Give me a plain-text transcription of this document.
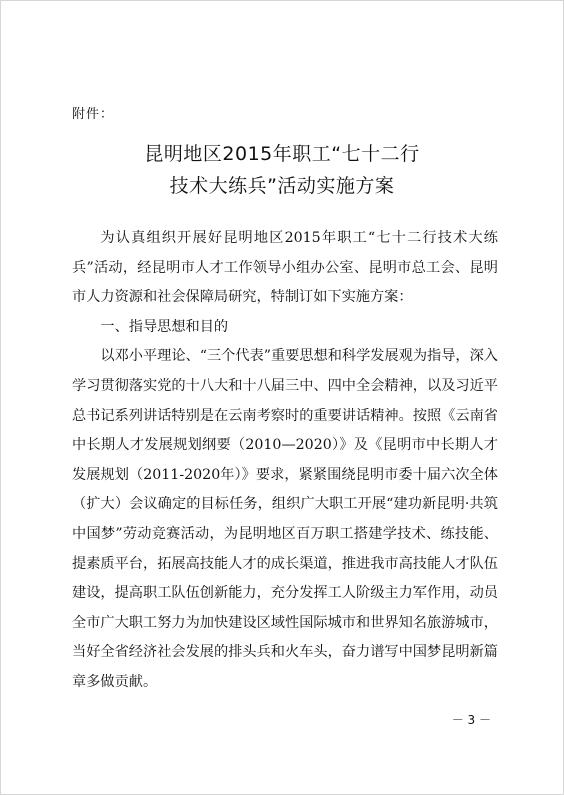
附件：
昆明地区2015年职工“七十二行
技术大练兵”活动实施方案

为认真组织开展好昆明地区2015年职工“七十二行技术大练兵”活动，经昆明市人才工作领导小组办公室、昆明市总工会、昆明市人力资源和社会保障局研究，特制订如下实施方案：

一、指导思想和目的

以邓小平理论、“三个代表”重要思想和科学发展观为指导，深入学习贯彻落实党的十八大和十八届三中、四中全会精神，以及习近平总书记系列讲话特别是在云南考察时的重要讲话精神。按照《云南省中长期人才发展规划纲要（2010—2020）》及《昆明市中长期人才发展规划（2011-2020年）》要求，紧紧围绕昆明市委十届六次全体（扩大）会议确定的目标任务，组织广大职工开展“建功新昆明·共筑中国梦”劳动竞赛活动，为昆明地区百万职工搭建学技术、练技能、提素质平台，拓展高技能人才的成长渠道，推进我市高技能人才队伍建设，提高职工队伍创新能力，充分发挥工人阶级主力军作用，动员全市广大职工努力为加快建设区域性国际城市和世界知名旅游城市，当好全省经济社会发展的排头兵和火车头，奋力谱写中国梦昆明新篇章多做贡献。

－ 3 －
